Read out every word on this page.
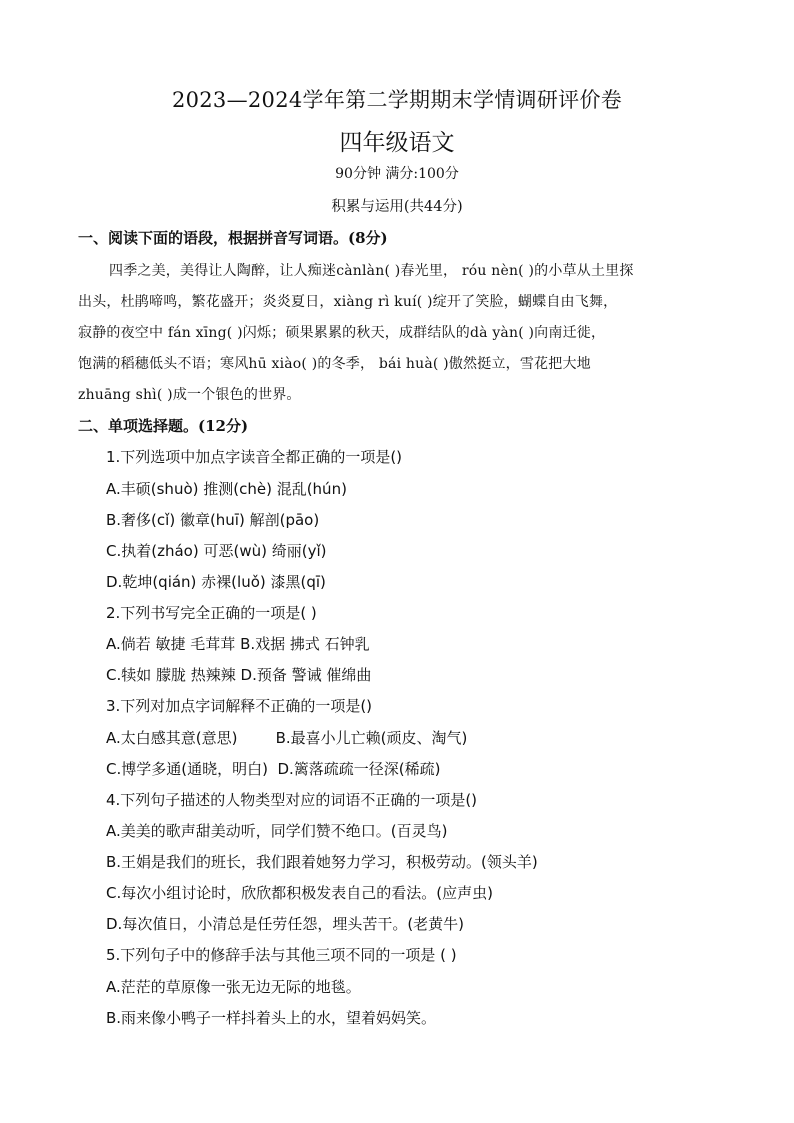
2023—2024学年第二学期期末学情调研评价卷
四年级语文
90分钟 满分:100分
积累与运用(共44分)
一、阅读下面的语段，根据拼音写词语。(8分)
四季之美，美得让人陶醉，让人痴迷cànlàn( )春光里， róu nèn( )的小草从土里探
出头，杜鹃啼鸣，繁花盛开；炎炎夏日，xiàng rì kuí( )绽开了笑脸，蝴蝶自由飞舞，
寂静的夜空中 fán xīng( )闪烁；硕果累累的秋天，成群结队的dà yàn( )向南迁徙，
饱满的稻穗低头不语；寒风hū xiào( )的冬季， bái huà( )傲然挺立，雪花把大地
zhuāng shì( )成一个银色的世界。
二、单项选择题。(12分)
1.下列选项中加点字读音全都正确的一项是()
A.丰硕(shuò) 推测(chè) 混乱(hún)
B.奢侈(cǐ) 徽章(huī) 解剖(pāo)
C.执着(zháo) 可恶(wù) 绮丽(yǐ)
D.乾坤(qián) 赤裸(luǒ) 漆黑(qī)
2.下列书写完全正确的一项是( )
A.倘若 敏捷 毛茸茸 B.戏据 拂式 石钟乳
C.犊如 朦胧 热辣辣 D.预备 警诫 催绵曲
3.下列对加点字词解释不正确的一项是()
A.太白感其意(意思)        B.最喜小儿亡赖(顽皮、淘气)
C.博学多通(通晓，明白)  D.篱落疏疏一径深(稀疏)
4.下列句子描述的人物类型对应的词语不正确的一项是()
A.美美的歌声甜美动听，同学们赞不绝口。(百灵鸟)
B.王娟是我们的班长，我们跟着她努力学习，积极劳动。(领头羊)
C.每次小组讨论时，欣欣都积极发表自己的看法。(应声虫)
D.每次值日，小清总是任劳任怨，埋头苦干。(老黄牛)
5.下列句子中的修辞手法与其他三项不同的一项是 ( )
A.茫茫的草原像一张无边无际的地毯。
B.雨来像小鸭子一样抖着头上的水，望着妈妈笑。
